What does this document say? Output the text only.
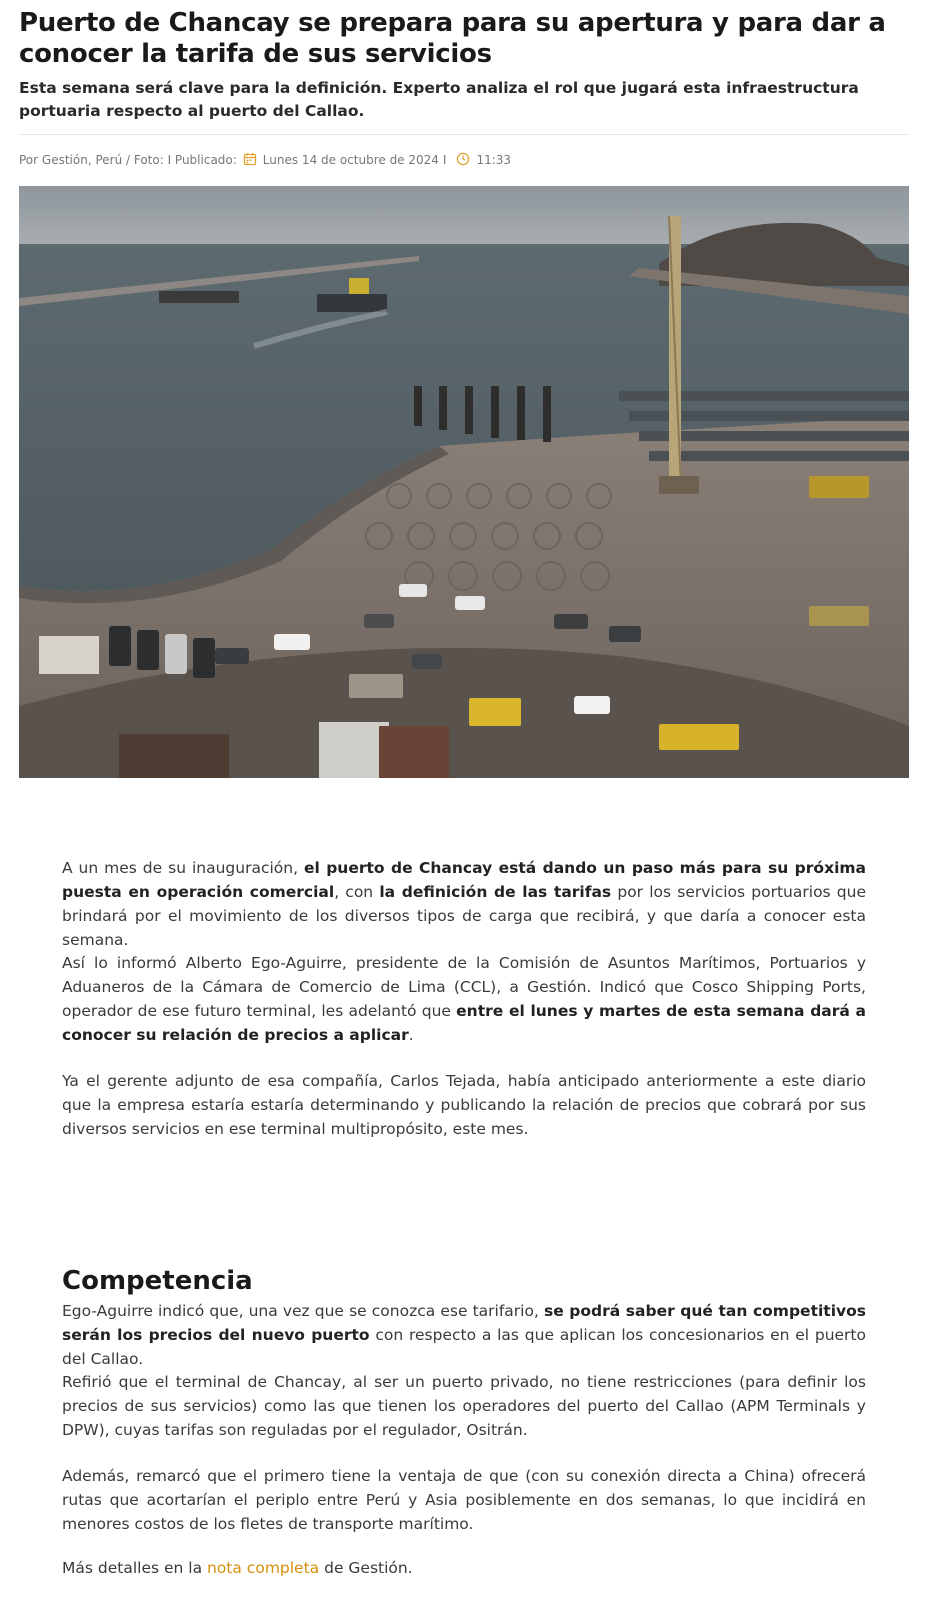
Puerto de Chancay se prepara para su apertura y para dar a conocer la tarifa de sus servicios

Esta semana será clave para la definición. Experto analiza el rol que jugará esta infraestructura portuaria respecto al puerto del Callao.

Por Gestión, Perú / Foto: I Publicado: Lunes 14 de octubre de 2024 I	11:33

A un mes de su inauguración, el puerto de Chancay está dando un paso más para su próxima puesta en operación comercial, con la definición de las tarifas por los servicios portuarios que brindará por el movimiento de los diversos tipos de carga que recibirá, y que daría a conocer esta semana.

Así lo informó Alberto Ego-Aguirre, presidente de la Comisión de Asuntos Marítimos, Portuarios y Aduaneros de la Cámara de Comercio de Lima (CCL), a Gestión. Indicó que Cosco Shipping Ports, operador de ese futuro terminal, les adelantó que entre el lunes y martes de esta semana dará a conocer su relación de precios a aplicar.

Ya el gerente adjunto de esa compañía, Carlos Tejada, había anticipado anteriormente a este diario que la empresa estaría estaría determinando y publicando la relación de precios que cobrará por sus diversos servicios en ese terminal multipropósito, este mes.

Competencia

Ego-Aguirre indicó que, una vez que se conozca ese tarifario, se podrá saber qué tan competitivos serán los precios del nuevo puerto con respecto a las que aplican los concesionarios en el puerto del Callao.

Refirió que el terminal de Chancay, al ser un puerto privado, no tiene restricciones (para definir los precios de sus servicios) como las que tienen los operadores del puerto del Callao (APM Terminals y DPW), cuyas tarifas son reguladas por el regulador, Ositrán.

Además, remarcó que el primero tiene la ventaja de que (con su conexión directa a China) ofrecerá rutas que acortarían el periplo entre Perú y Asia posiblemente en dos semanas, lo que incidirá en menores costos de los fletes de transporte marítimo.

Más detalles en la nota completa de Gestión.
